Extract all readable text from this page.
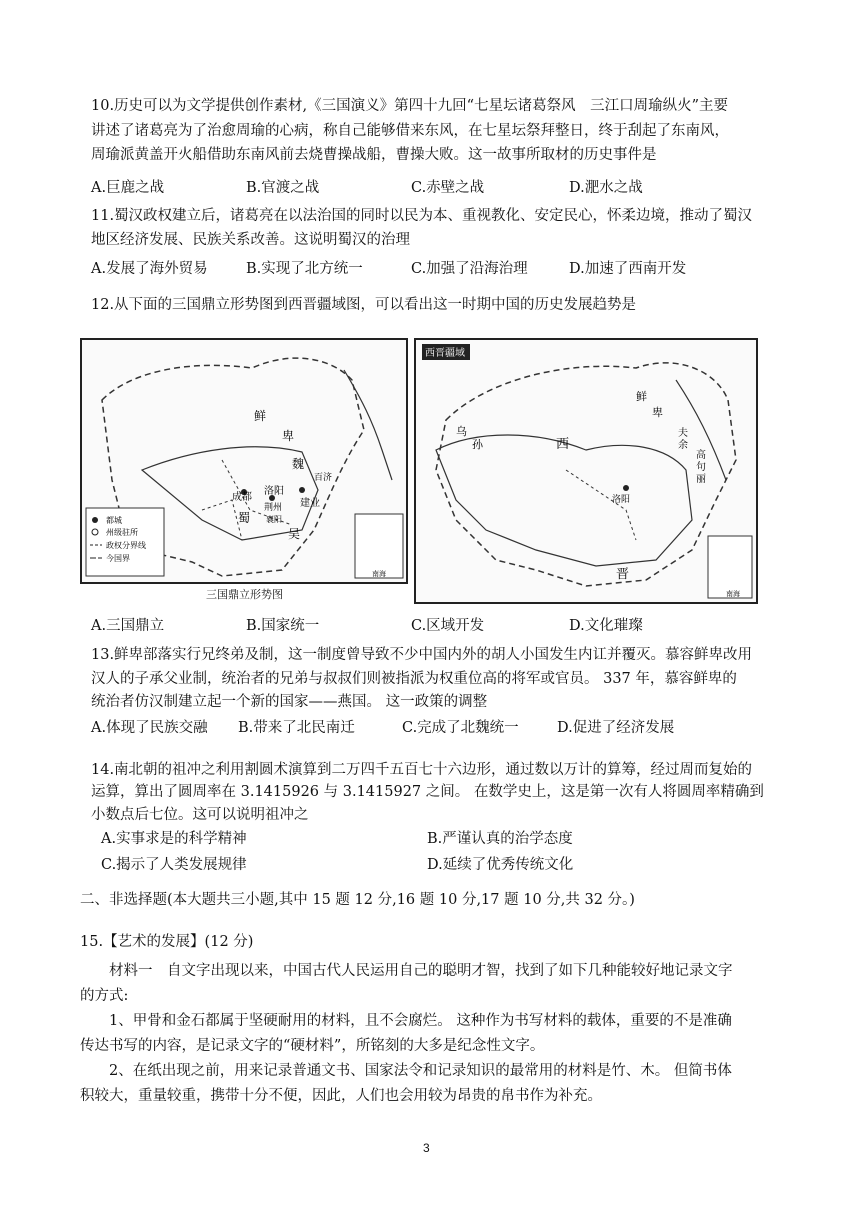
10.历史可以为文学提供创作素材,《三国演义》第四十九回“七星坛诸葛祭风　三江口周瑜纵火”主要
讲述了诸葛亮为了治愈周瑜的心病，称自己能够借来东风，在七星坛祭拜整日，终于刮起了东南风，
周瑜派黄盖开火船借助东南风前去烧曹操战船，曹操大败。这一故事所取材的历史事件是
A.巨鹿之战	B.官渡之战	C.赤壁之战	D.淝水之战
11.蜀汉政权建立后，诸葛亮在以法治国的同时以民为本、重视教化、安定民心，怀柔边境，推动了蜀汉
地区经济发展、民族关系改善。这说明蜀汉的治理
A.发展了海外贸易	B.实现了北方统一	C.加强了沿海治理	D.加速了西南开发
12.从下面的三国鼎立形势图到西晋疆域图，可以看出这一时期中国的历史发展趋势是
鲜
卑
魏
百济
成都
洛阳
荆州
襄阳
建业
蜀
吴
南海
都城
州级驻所
政权分界线
今国界
三国鼎立形势图
西晋疆域
西
晋
乌
孙
鲜
卑
夫
余
高
句
丽
洛阳
南海
A.三国鼎立	B.国家统一	C.区域开发	D.文化璀璨
13.鲜卑部落实行兄终弟及制，这一制度曾导致不少中国内外的胡人小国发生内讧并覆灭。慕容鲜卑改用
汉人的子承父业制，统治者的兄弟与叔叔们则被指派为权重位高的将军或官员。 337 年，慕容鲜卑的
统治者仿汉制建立起一个新的国家——燕国。 这一政策的调整
A.体现了民族交融 B.带来了北民南迁	C.完成了北魏统一	D.促进了经济发展
14.南北朝的祖冲之利用割圆术演算到二万四千五百七十六边形，通过数以万计的算筹，经过周而复始的
运算，算出了圆周率在 3.1415926 与 3.1415927 之间。 在数学史上，这是第一次有人将圆周率精确到
小数点后七位。这可以说明祖冲之
A.实事求是的科学精神	B.严谨认真的治学态度
C.揭示了人类发展规律	D.延续了优秀传统文化
二、非选择题(本大题共三小题,其中 15 题 12 分,16 题 10 分,17 题 10 分,共 32 分。)
15.【艺术的发展】(12 分)
材料一　自文字出现以来，中国古代人民运用自己的聪明才智，找到了如下几种能较好地记录文字
的方式:
1、甲骨和金石都属于坚硬耐用的材料，且不会腐烂。 这种作为书写材料的载体，重要的不是准确
传达书写的内容，是记录文字的“硬材料”，所铭刻的大多是纪念性文字。
2、在纸出现之前，用来记录普通文书、国家法令和记录知识的最常用的材料是竹、木。 但简书体
积较大，重量较重，携带十分不便，因此，人们也会用较为昂贵的帛书作为补充。
3
